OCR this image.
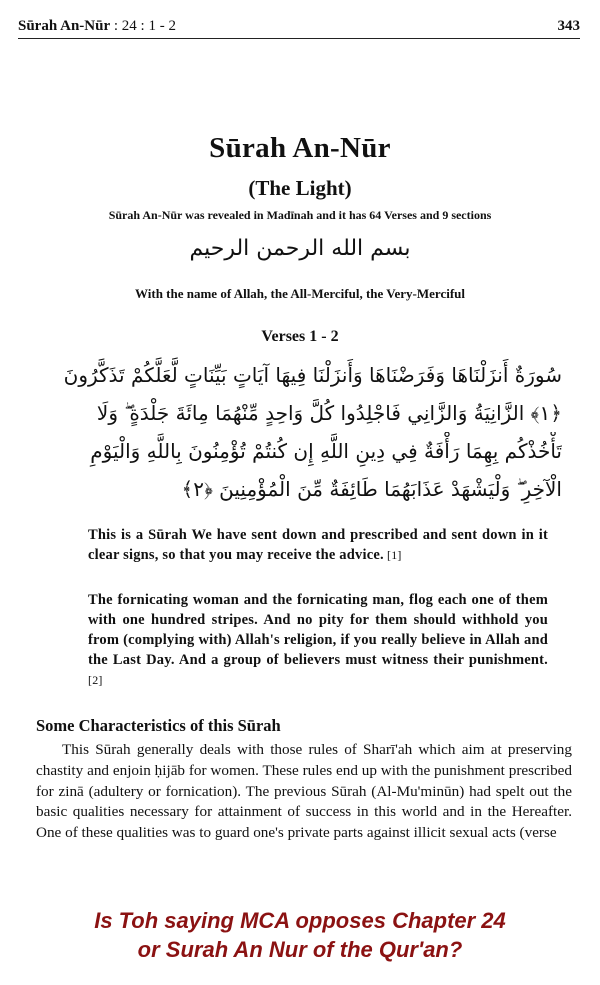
Sūrah An-Nūr : 24 : 1 - 2	343
Sūrah An-Nūr
(The Light)
Sūrah An-Nūr was revealed in Madīnah and it has 64 Verses and 9 sections
بسم الله الرحمن الرحيم
With the name of Allah, the All-Merciful, the Very-Merciful
Verses 1 - 2
سُورَةٌ أَنزَلْنَاهَا وَفَرَضْنَاهَا وَأَنزَلْنَا فِيهَا آيَاتٍ بَيِّنَاتٍ لَّعَلَّكُمْ تَذَكَّرُونَ
﴿١﴾ الزَّانِيَةُ وَالزَّانِي فَاجْلِدُوا كُلَّ وَاحِدٍ مِّنْهُمَا مِائَةَ جَلْدَةٍ ۖ وَلَا
تَأْخُذْكُم بِهِمَا رَأْفَةٌ فِي دِينِ اللَّهِ إِن كُنتُمْ تُؤْمِنُونَ بِاللَّهِ وَالْيَوْمِ
الْآخِرِ ۖ وَلْيَشْهَدْ عَذَابَهُمَا طَائِفَةٌ مِّنَ الْمُؤْمِنِينَ ﴿٢﴾
This is a Sūrah We have sent down and prescribed and sent down in it clear signs, so that you may receive the advice. [1]
The fornicating woman and the fornicating man, flog each one of them with one hundred stripes. And no pity for them should withhold you from (complying with) Allah's religion, if you really believe in Allah and the Last Day. And a group of believers must witness their punishment. [2]
Some Characteristics of this Sūrah
This Sūrah generally deals with those rules of Sharī'ah which aim at preserving chastity and enjoin ḥijāb for women. These rules end up with the punishment prescribed for zinā (adultery or fornication). The previous Sūrah (Al-Mu'minūn) had spelt out the basic qualities necessary for attainment of success in this world and in the Hereafter. One of these qualities was to guard one's private parts against illicit sexual acts (verse
Is Toh saying MCA opposes Chapter 24
or Surah An Nur of the Qur'an?
